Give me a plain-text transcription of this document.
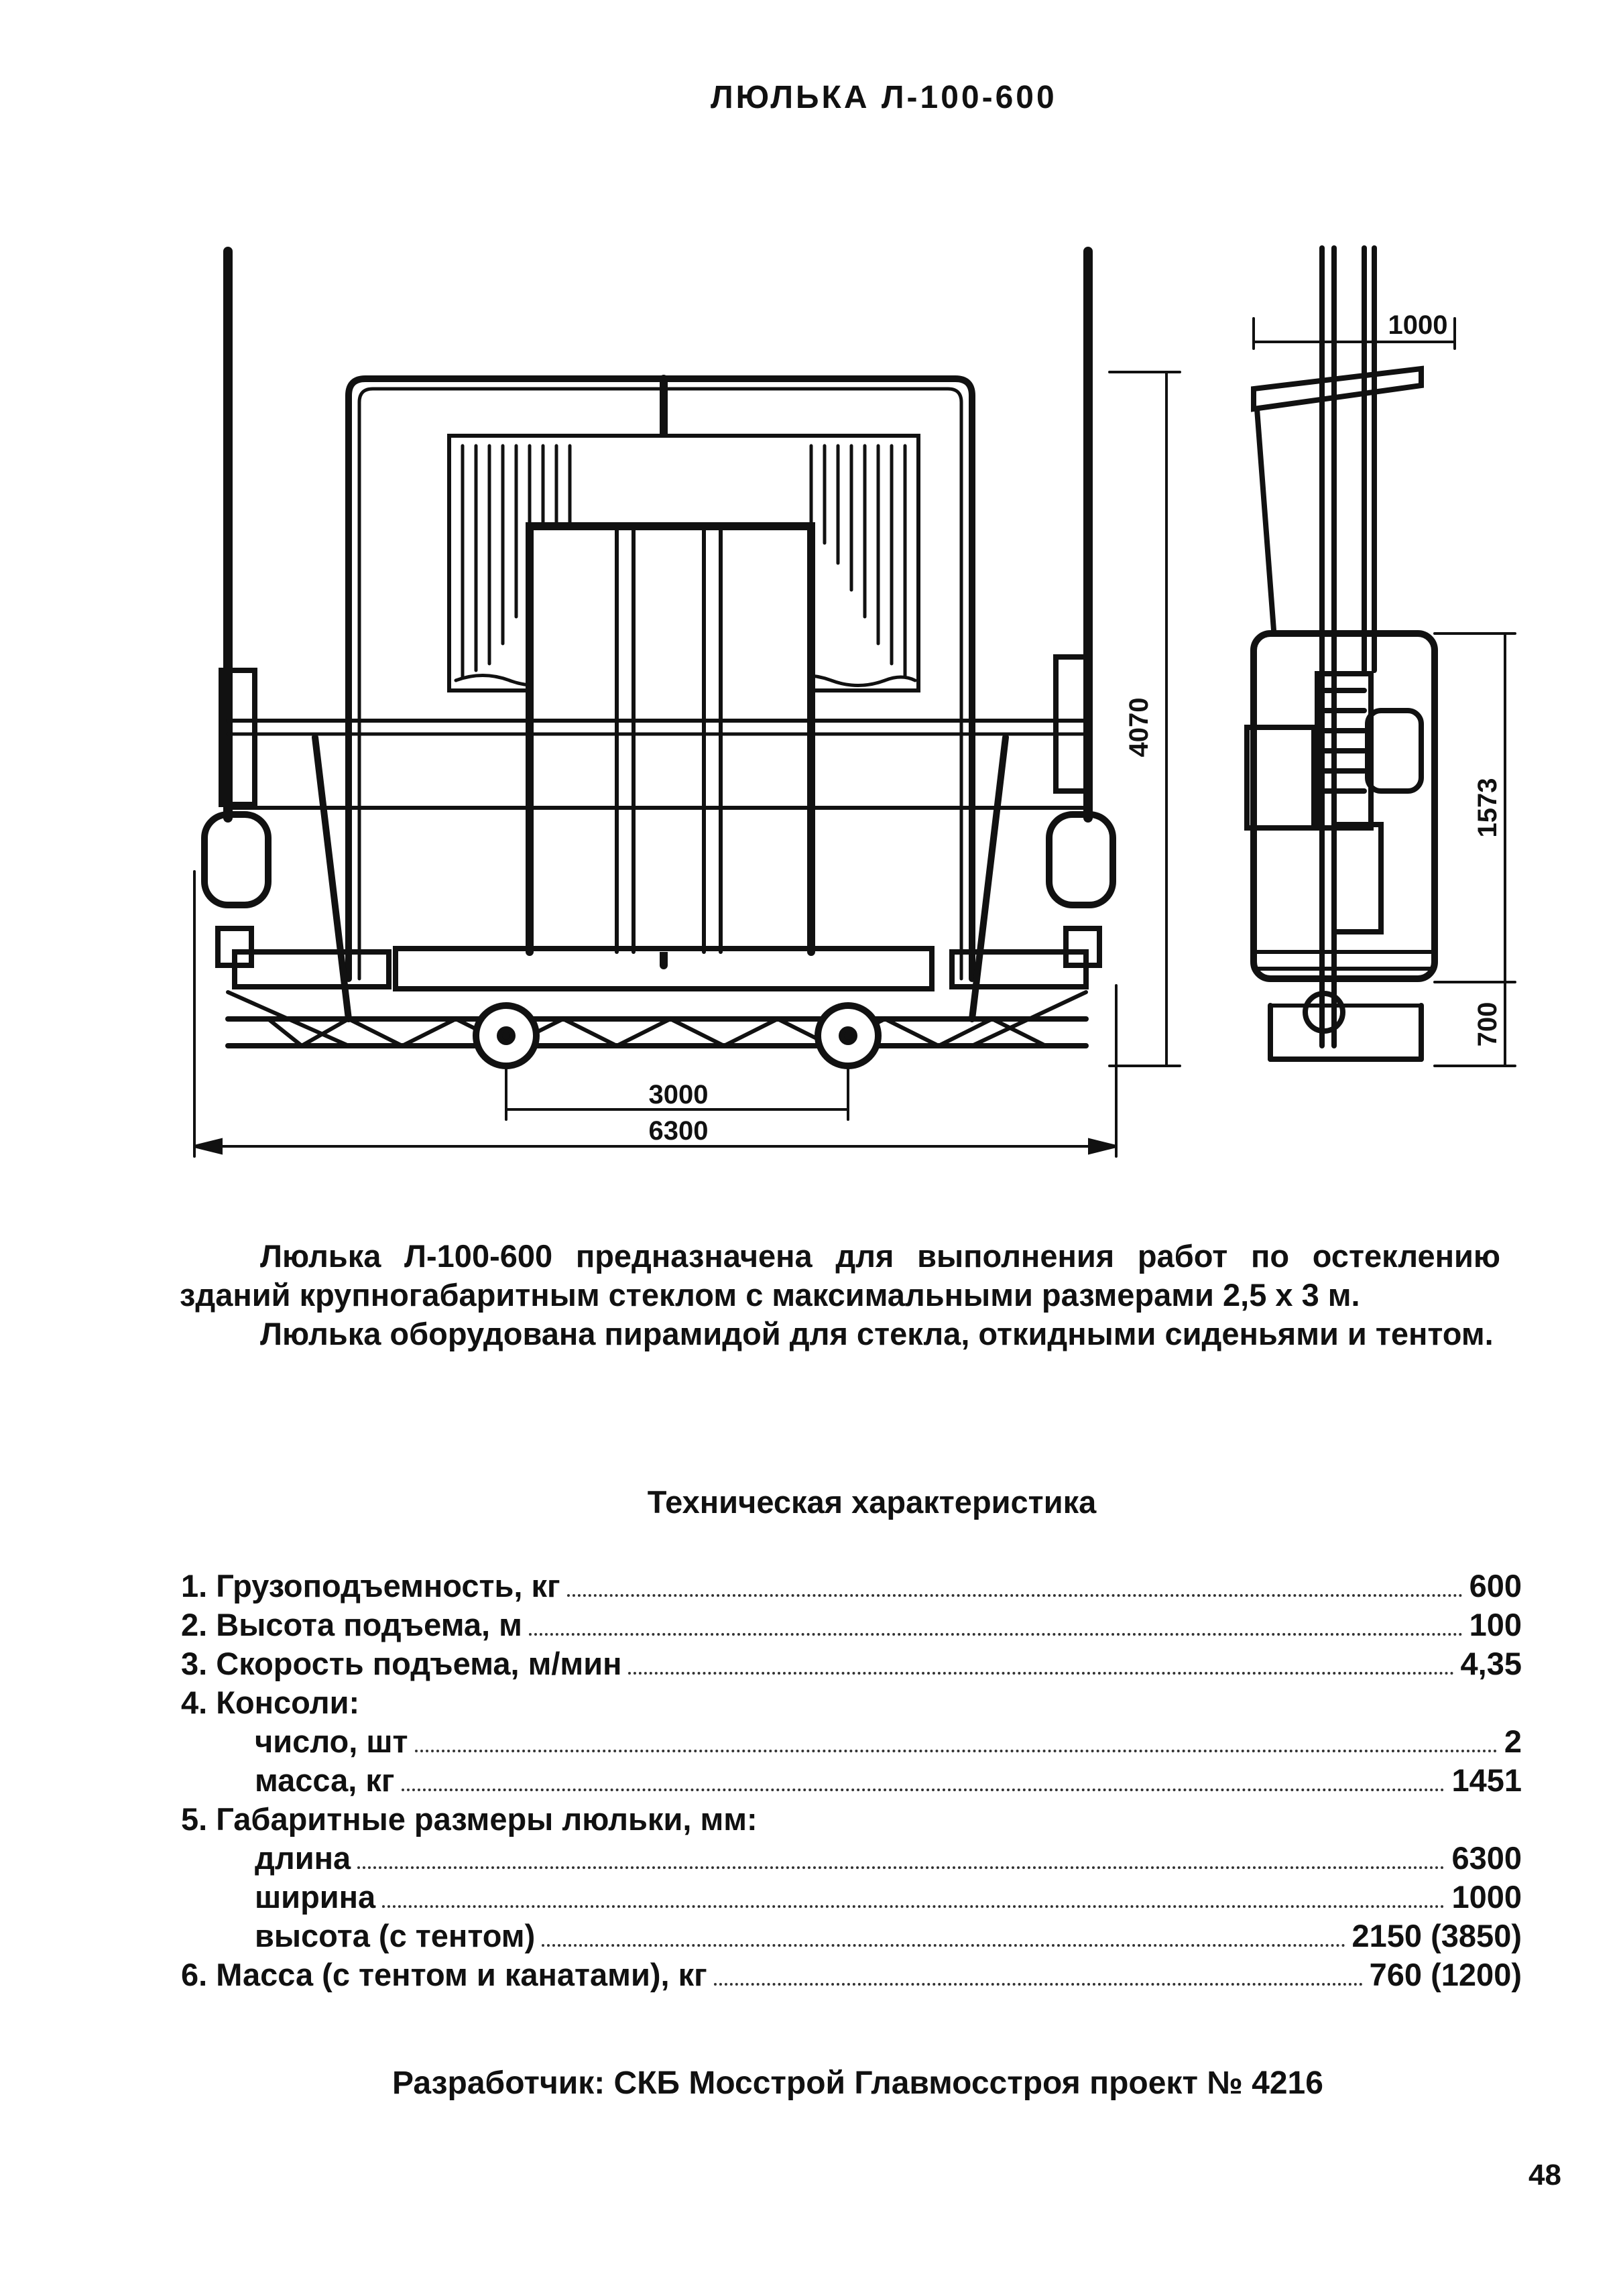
ЛЮЛЬКА Л-100-600
3000
6300
4070
1000
1573
700

Люлька Л-100-600 предназначена для выполнения работ по остеклению зданий крупногабаритным стеклом с максимальными размерами 2,5 х 3 м.

Люлька оборудована пирамидой для стекла, откидными сиденьями и тентом.

Техническая характеристика
1. Грузоподъемность, кг	600
2. Высота подъема, м	100
3. Скорость подъема, м/мин	4,35
4. Консоли:
число, шт	2
масса, кг	1451
5. Габаритные размеры люльки, мм:
длина	6300
ширина	1000
высота (с тентом)	2150 (3850)
6. Масса (с тентом и канатами), кг	760 (1200)
Разработчик: СКБ Мосстрой Главмосстроя проект № 4216
48
